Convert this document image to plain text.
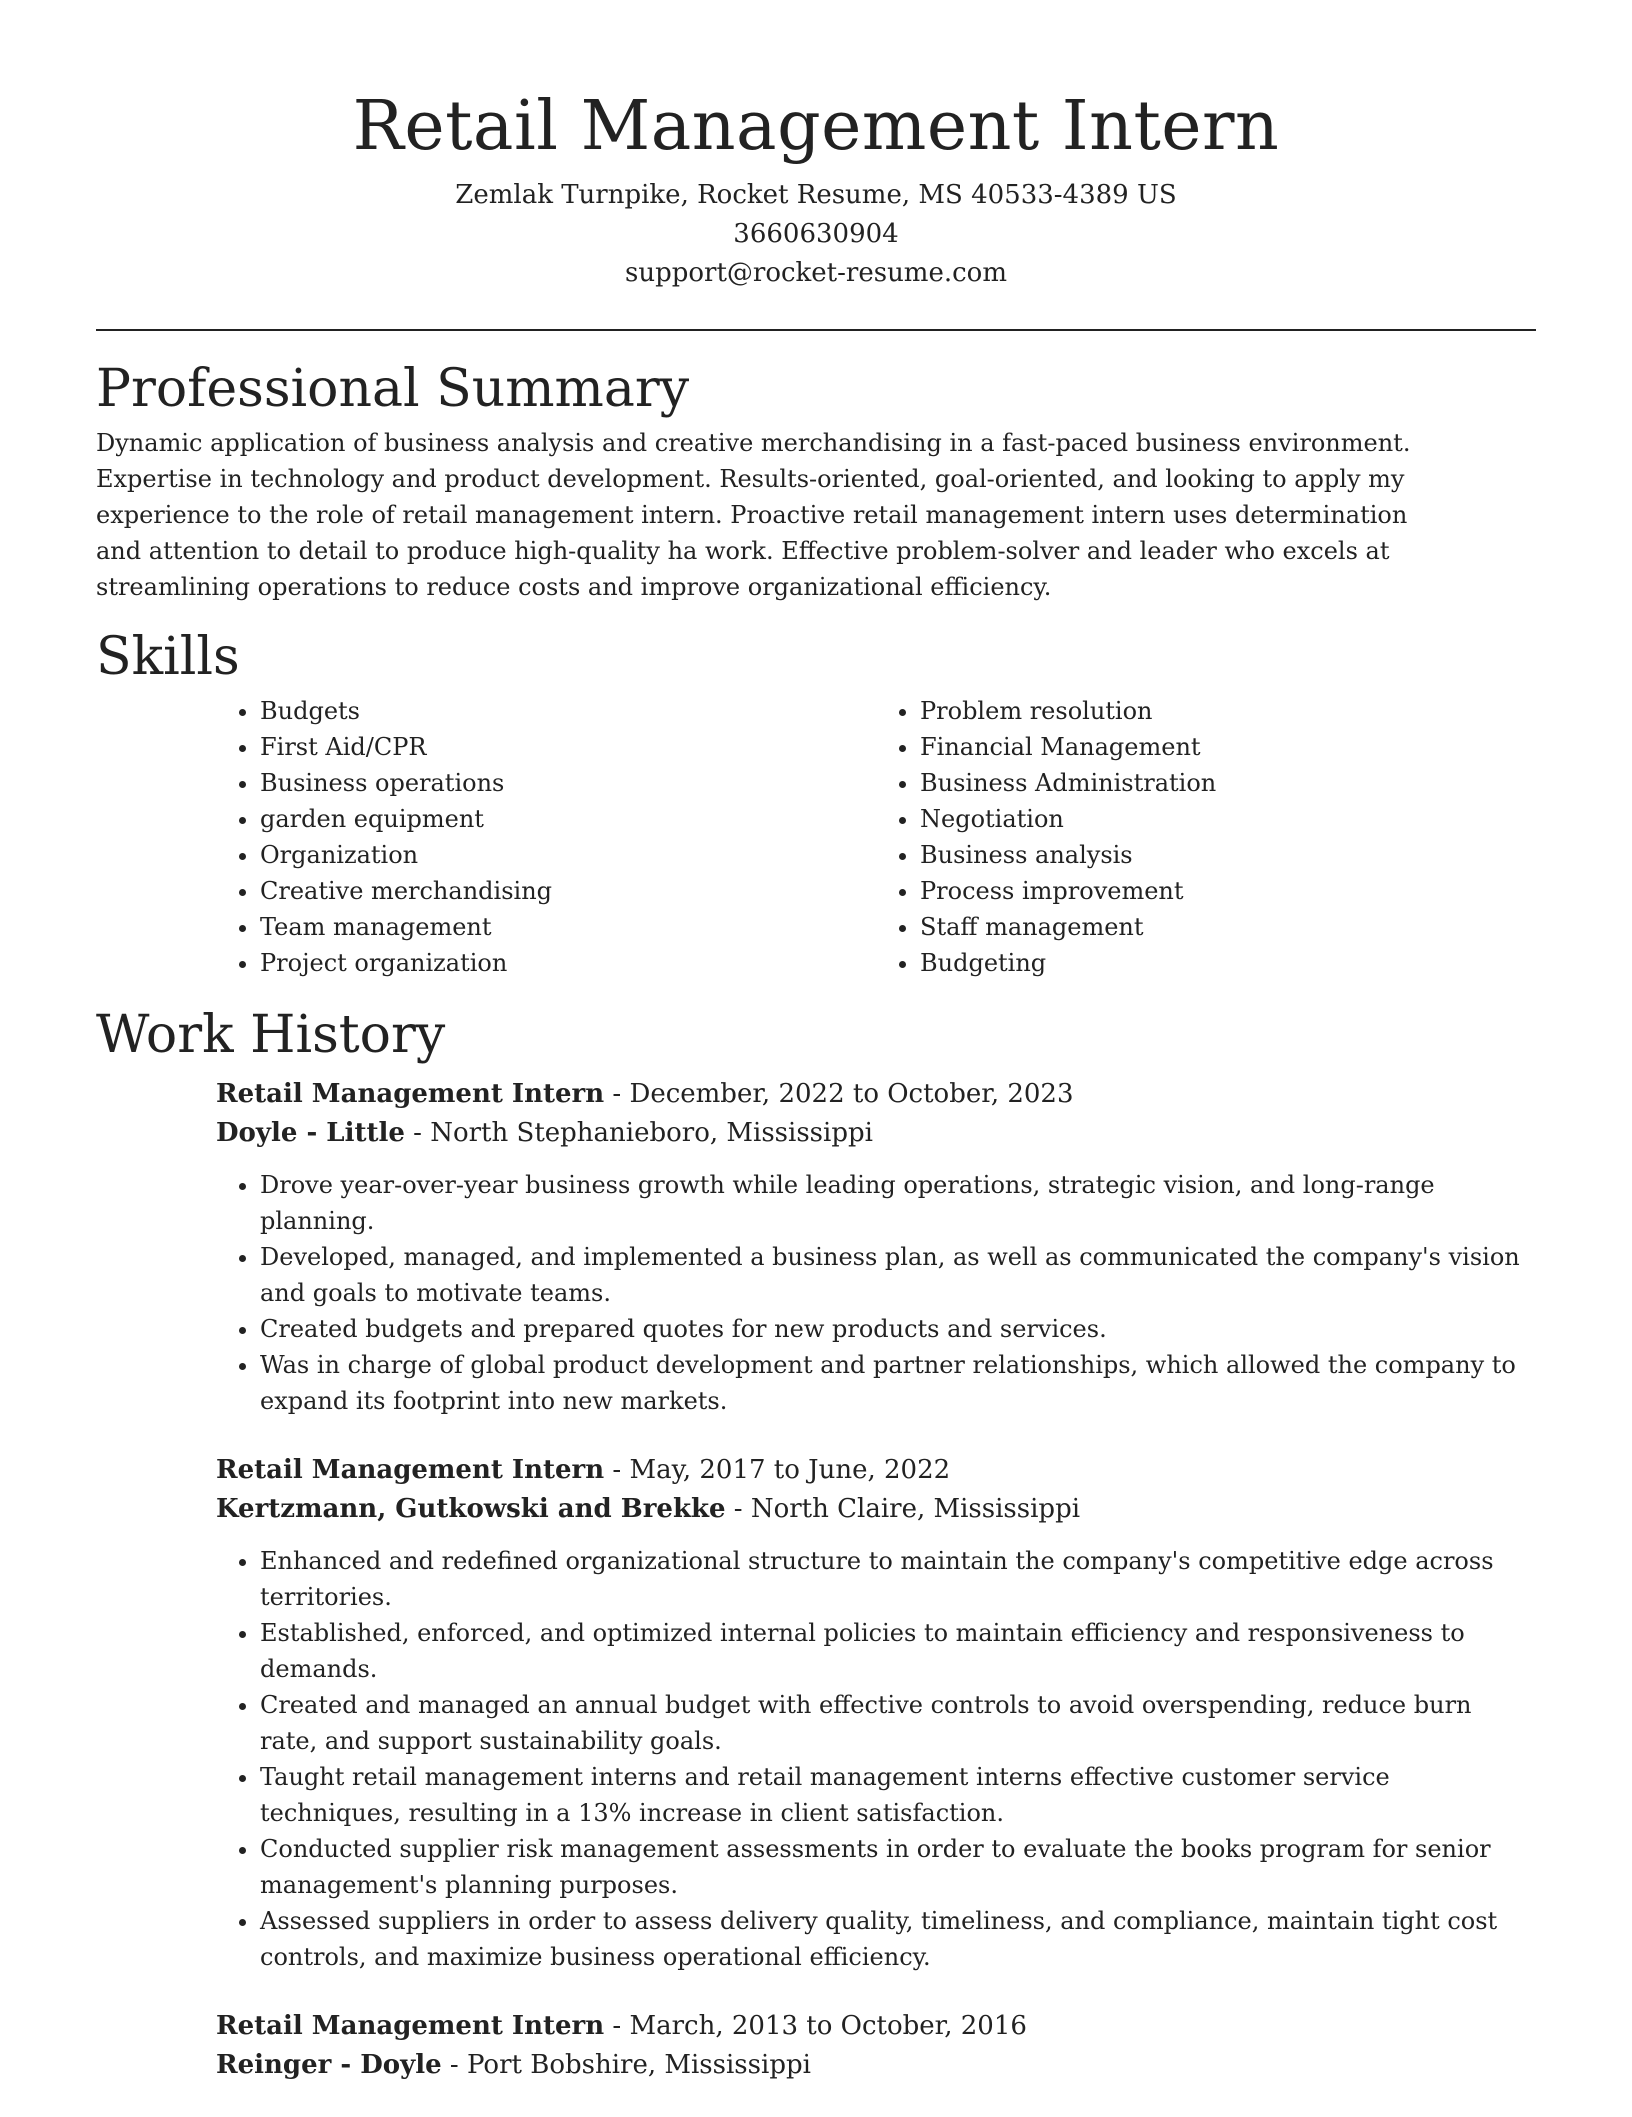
Retail Management Intern

Zemlak Turnpike, Rocket Resume, MS 40533-4389 US

3660630904

support@rocket-resume.com

Professional Summary

Dynamic application of business analysis and creative merchandising in a fast-paced business environment. Expertise in technology and product development. Results-oriented, goal-oriented, and looking to apply my experience to the role of retail management intern. Proactive retail management intern uses determination and attention to detail to produce high-quality ha work. Effective problem-solver and leader who excels at streamlining operations to reduce costs and improve organizational efficiency.

Skills
• Budgets
• First Aid/CPR
• Business operations
• garden equipment
• Organization
• Creative merchandising
• Team management
• Project organization
• Problem resolution
• Financial Management
• Business Administration
• Negotiation
• Business analysis
• Process improvement
• Staff management
• Budgeting
Work History

Retail Management Intern - December, 2022 to October, 2023

Doyle - Little - North Stephanieboro, Mississippi

• Drove year-over-year business growth while leading operations, strategic vision, and long-range planning.
• Developed, managed, and implemented a business plan, as well as communicated the company's vision and goals to motivate teams.
• Created budgets and prepared quotes for new products and services.
• Was in charge of global product development and partner relationships, which allowed the company to expand its footprint into new markets.

Retail Management Intern - May, 2017 to June, 2022

Kertzmann, Gutkowski and Brekke - North Claire, Mississippi

• Enhanced and redefined organizational structure to maintain the company's competitive edge across territories.
• Established, enforced, and optimized internal policies to maintain efficiency and responsiveness to demands.
• Created and managed an annual budget with effective controls to avoid overspending, reduce burn rate, and support sustainability goals.
• Taught retail management interns and retail management interns effective customer service techniques, resulting in a 13% increase in client satisfaction.
• Conducted supplier risk management assessments in order to evaluate the books program for senior management's planning purposes.
• Assessed suppliers in order to assess delivery quality, timeliness, and compliance, maintain tight cost controls, and maximize business operational efficiency.

Retail Management Intern - March, 2013 to October, 2016

Reinger - Doyle - Port Bobshire, Mississippi
